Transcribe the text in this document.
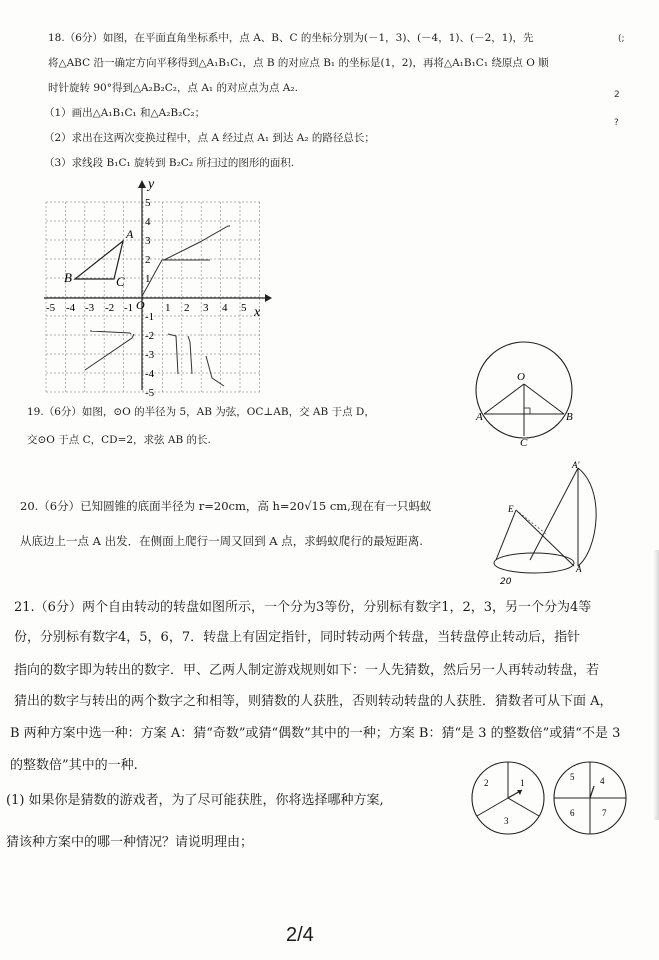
18.（6分）如图，在平面直角坐标系中，点 A、B、C 的坐标分别为(－1，3)、(－4，1)、(－2，1)，先
将△ABC 沿一确定方向平移得到△A₁B₁C₁，点 B 的对应点 B₁ 的坐标是(1，2)，再将△A₁B₁C₁ 绕原点 O 顺
时针旋转 90°得到△A₂B₂C₂，点 A₁ 的对应点为点 A₂.
（1）画出△A₁B₁C₁ 和△A₂B₂C₂；
（2）求出在这两次变换过程中，点 A 经过点 A₁ 到达 A₂ 的路径总长；
（3）求线段 B₁C₁ 旋转到 B₂C₂ 所扫过的图形的面积.
(;
2
?
y
x
O
-5 -4 -3 -2 -1	1 2 3 4 5
5
4
3
2
1
-1
-2
-3
-4
-5
A
B	C
19.（6分）如图，⊙O 的半径为 5，AB 为弦，OC⊥AB，交 AB 于点 D，
交⊙O 于点 C，CD=2，求弦 AB 的长.
O
A	B
C
20.（6分）已知圆锥的底面半径为 r=20cm，高 h=20√15 cm,现在有一只蚂蚁
从底边上一点 A 出发．在侧面上爬行一周又回到 A 点，求蚂蚁爬行的最短距离.
A'
E
A
20
21.（6分）两个自由转动的转盘如图所示，一个分为3等份，分别标有数字1，2，3，另一个分为4等
份，分别标有数字4，5，6，7．转盘上有固定指针，同时转动两个转盘，当转盘停止转动后，指针
指向的数字即为转出的数字．甲、乙两人制定游戏规则如下：一人先猜数，然后另一人再转动转盘，若
猜出的数字与转出的两个数字之和相等，则猜数的人获胜，否则转动转盘的人获胜．猜数者可从下面 A，
B 两种方案中选一种：方案 A：猜“奇数”或猜“偶数”其中的一种；方案 B：猜“是 3 的整数倍”或猜“不是 3
的整数倍”其中的一种.
(1) 如果你是猜数的游戏者，为了尽可能获胜，你将选择哪种方案,
猜该种方案中的哪一种情况？请说明理由；
1
2
3
4
5
6	7
2/4
